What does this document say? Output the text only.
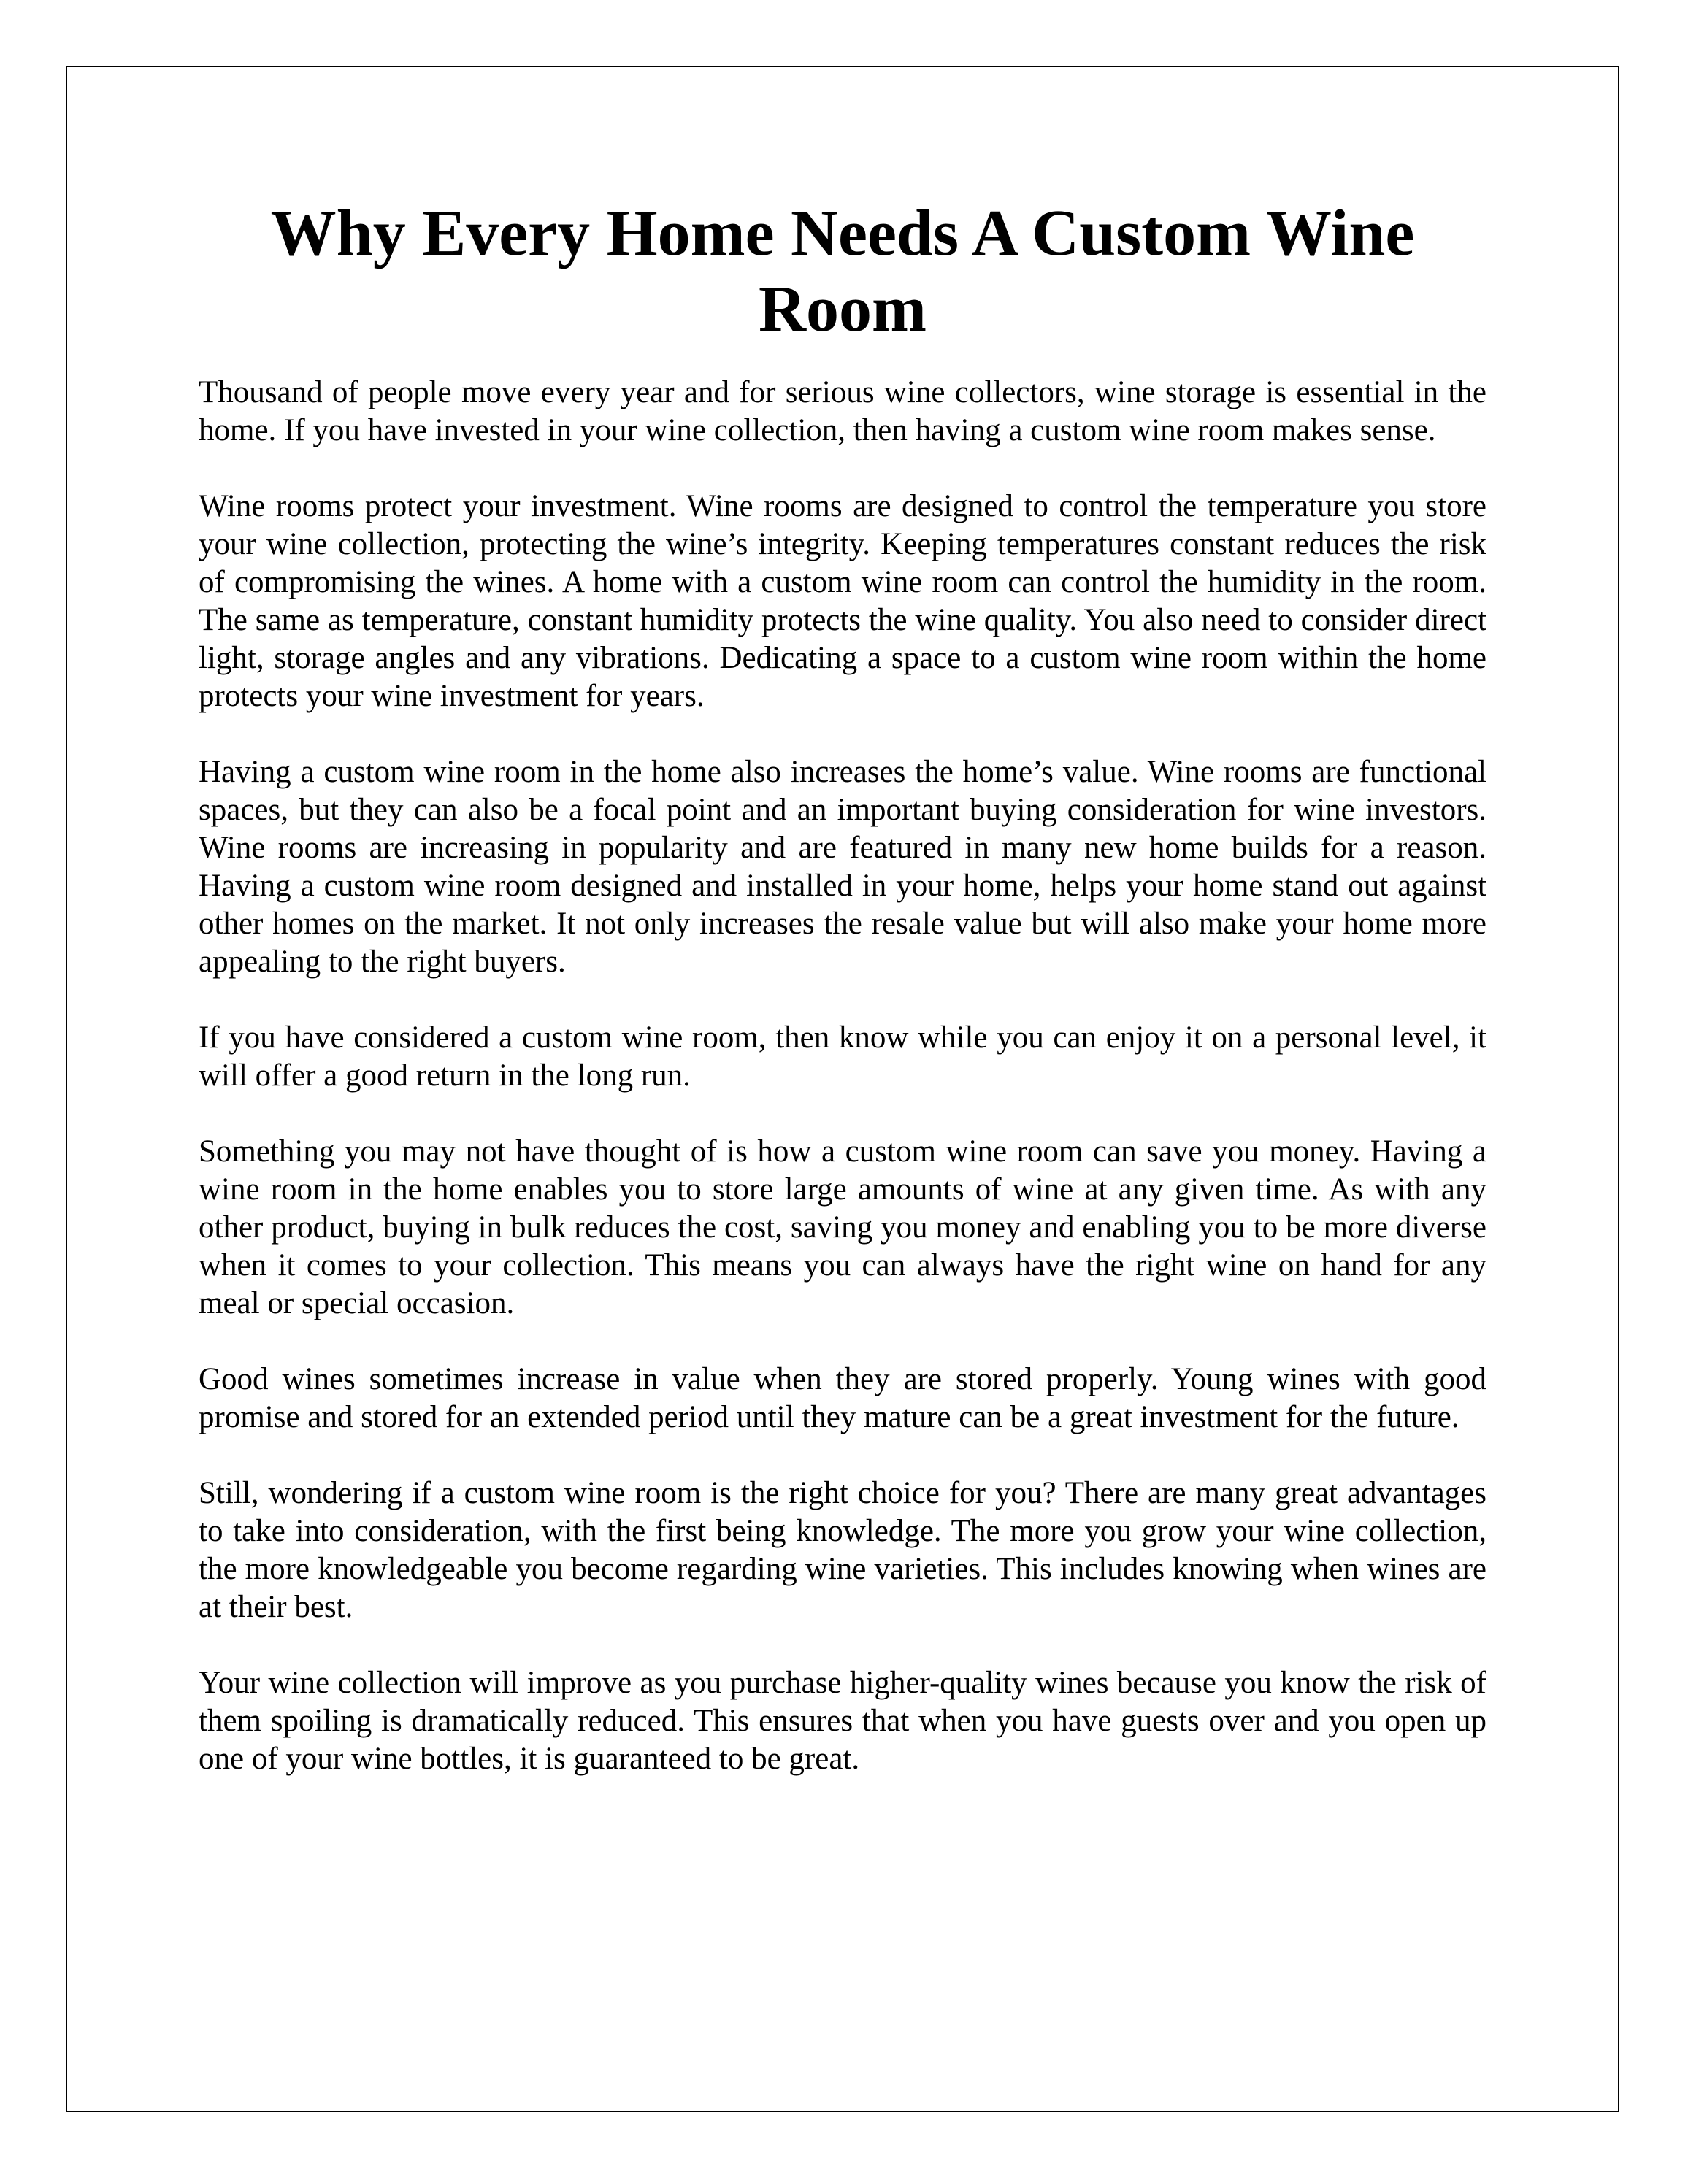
Why Every Home Needs A Custom Wine Room

Thousand of people move every year and for serious wine collectors, wine storage is essential in the home. If you have invested in your wine collection, then having a custom wine room makes sense.

Wine rooms protect your investment. Wine rooms are designed to control the temperature you store your wine collection, protecting the wine’s integrity. Keeping temperatures constant reduces the risk of compromising the wines. A home with a custom wine room can control the humidity in the room. The same as temperature, constant humidity protects the wine quality. You also need to consider direct light, storage angles and any vibrations. Dedicating a space to a custom wine room within the home protects your wine investment for years.

Having a custom wine room in the home also increases the home’s value. Wine rooms are functional spaces, but they can also be a focal point and an important buying consideration for wine investors. Wine rooms are increasing in popularity and are featured in many new home builds for a reason. Having a custom wine room designed and installed in your home, helps your home stand out against other homes on the market. It not only increases the resale value but will also make your home more appealing to the right buyers.

If you have considered a custom wine room, then know while you can enjoy it on a personal level, it will offer a good return in the long run.

Something you may not have thought of is how a custom wine room can save you money. Having a wine room in the home enables you to store large amounts of wine at any given time. As with any other product, buying in bulk reduces the cost, saving you money and enabling you to be more diverse when it comes to your collection. This means you can always have the right wine on hand for any meal or special occasion.

Good wines sometimes increase in value when they are stored properly. Young wines with good promise and stored for an extended period until they mature can be a great investment for the future.

Still, wondering if a custom wine room is the right choice for you? There are many great advantages to take into consideration, with the first being knowledge. The more you grow your wine collection, the more knowledgeable you become regarding wine varieties. This includes knowing when wines are at their best.

Your wine collection will improve as you purchase higher-quality wines because you know the risk of them spoiling is dramatically reduced. This ensures that when you have guests over and you open up one of your wine bottles, it is guaranteed to be great.
